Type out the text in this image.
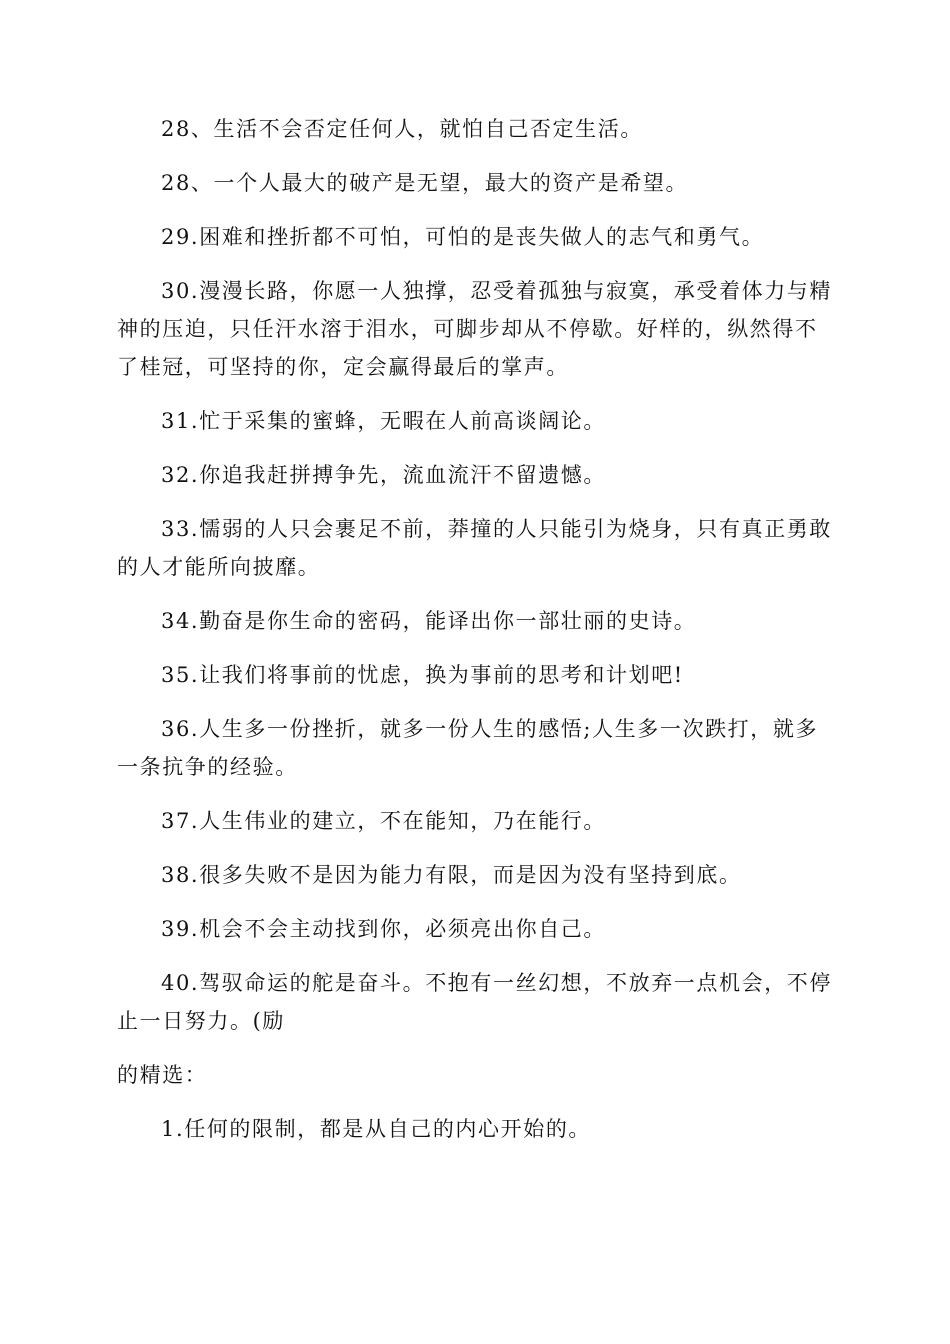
28、生活不会否定任何人，就怕自己否定生活。

28、一个人最大的破产是无望，最大的资产是希望。

29.困难和挫折都不可怕，可怕的是丧失做人的志气和勇气。

30.漫漫长路，你愿一人独撑，忍受着孤独与寂寞，承受着体力与精神的压迫，只任汗水溶于泪水，可脚步却从不停歇。好样的，纵然得不了桂冠，可坚持的你，定会赢得最后的掌声。

31.忙于采集的蜜蜂，无暇在人前高谈阔论。

32.你追我赶拼搏争先，流血流汗不留遗憾。

33.懦弱的人只会裹足不前，莽撞的人只能引为烧身，只有真正勇敢的人才能所向披靡。

34.勤奋是你生命的密码，能译出你一部壮丽的史诗。

35.让我们将事前的忧虑，换为事前的思考和计划吧!

36.人生多一份挫折，就多一份人生的感悟;人生多一次跌打，就多一条抗争的经验。

37.人生伟业的建立，不在能知，乃在能行。

38.很多失败不是因为能力有限，而是因为没有坚持到底。

39.机会不会主动找到你，必须亮出你自己。

40.驾驭命运的舵是奋斗。不抱有一丝幻想，不放弃一点机会，不停止一日努力。(励

的精选：

1.任何的限制，都是从自己的内心开始的。
